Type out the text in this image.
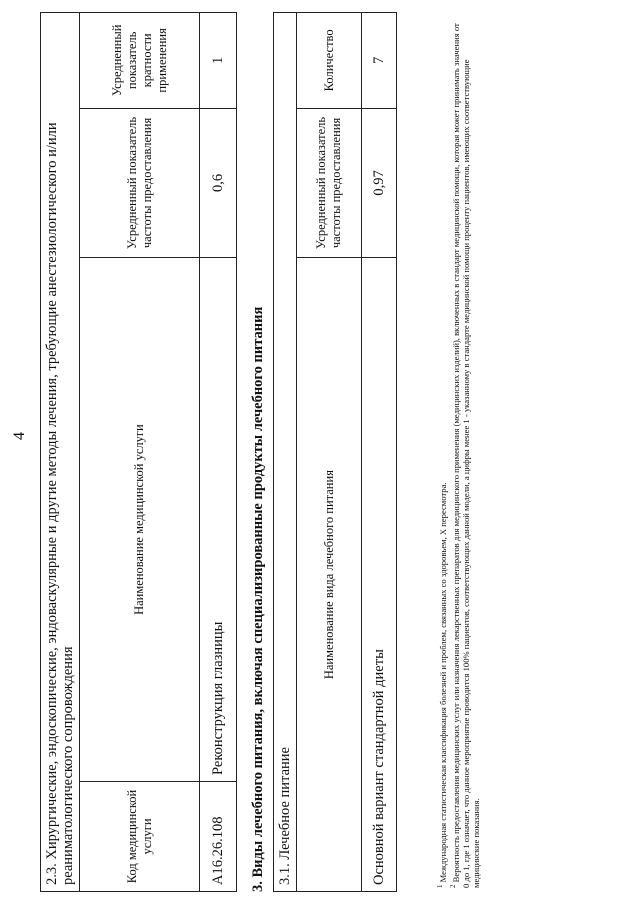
4 2.3. Хирургические, эндоскопические, эндоваскулярные и другие методы лечения, требующие анестезиологического и/или реаниматологического сопровождения			
Код медицинской услуги	Наименование медицинской услуги	Усредненный показатель частоты предоставления	Усредненный показатель кратности применения
A16.26.108	Реконструкция глазницы	0,6	1
3. Виды лечебного питания, включая специализированные продукты лечебного питания 3.1. Лечебное питание		
Наименование вида лечебного питания	Усредненный показатель частоты предоставления	Количество
Основной вариант стандартной диеты	0,97	7

$^1$ Международная статистическая классификация болезней и проблем, связанных со здоровьем, X пересмотра.

$^2$ Вероятность предоставления медицинских услуг или назначения лекарственных препаратов для медицинского применения (медицинских изделий), включенных в стандарт медицинской помощи, которая может принимать значения от 0 до 1, где 1 означает, что данное мероприятие проводится 100% пациентов, соответствующих данной модели, а цифры менее 1 - указанному в стандарте медицинской помощи проценту пациентов, имеющих соответствующие медицинские показания.
